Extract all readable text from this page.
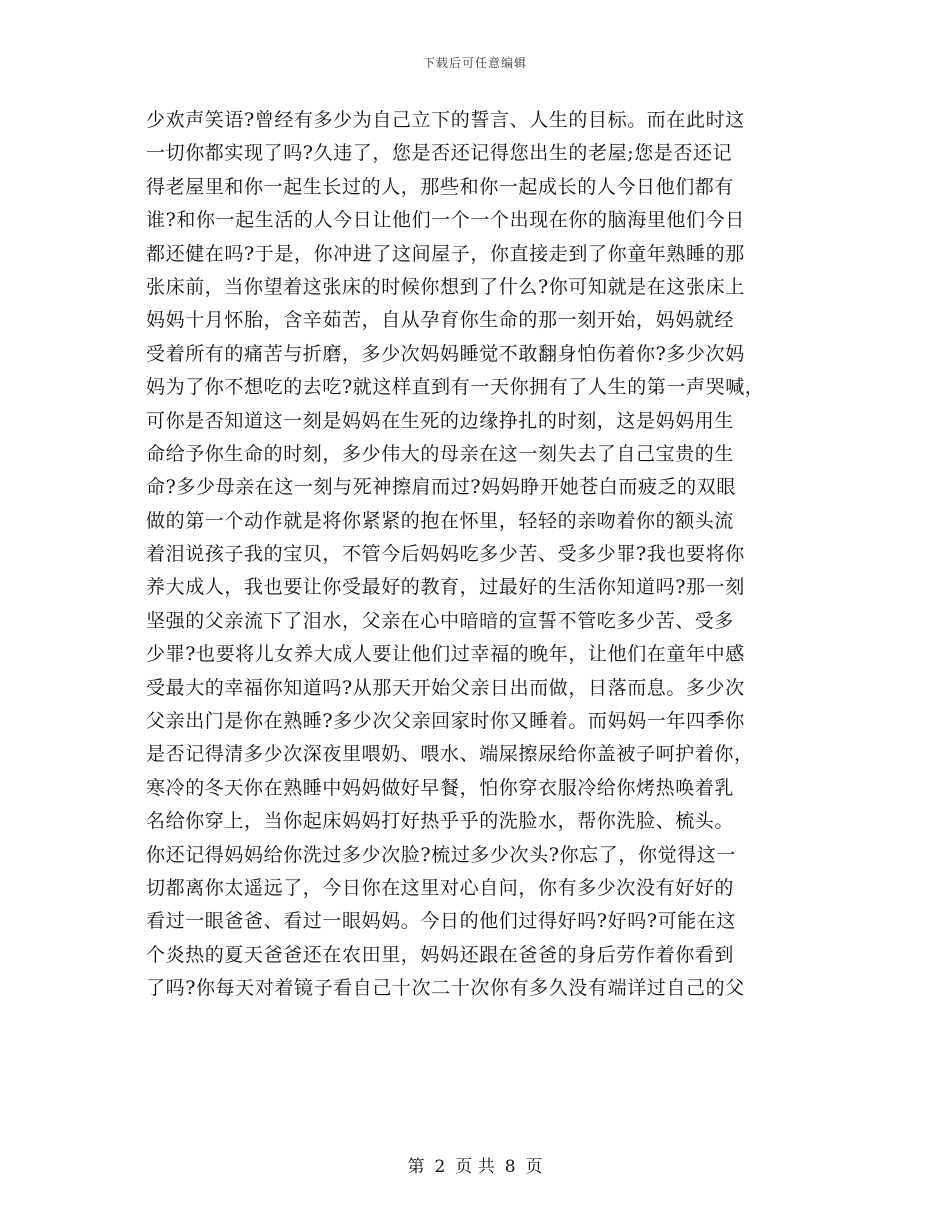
下载后可任意编辑
少欢声笑语?曾经有多少为自己立下的誓言、人生的目标。而在此时这
一切你都实现了吗?久违了，您是否还记得您出生的老屋;您是否还记
得老屋里和你一起生长过的人，那些和你一起成长的人今日他们都有
谁?和你一起生活的人今日让他们一个一个出现在你的脑海里他们今日
都还健在吗?于是，你冲进了这间屋子，你直接走到了你童年熟睡的那
张床前，当你望着这张床的时候你想到了什么?你可知就是在这张床上
妈妈十月怀胎，含辛茹苦，自从孕育你生命的那一刻开始，妈妈就经
受着所有的痛苦与折磨，多少次妈妈睡觉不敢翻身怕伤着你?多少次妈
妈为了你不想吃的去吃?就这样直到有一天你拥有了人生的第一声哭喊，
可你是否知道这一刻是妈妈在生死的边缘挣扎的时刻，这是妈妈用生
命给予你生命的时刻，多少伟大的母亲在这一刻失去了自己宝贵的生
命?多少母亲在这一刻与死神擦肩而过?妈妈睁开她苍白而疲乏的双眼
做的第一个动作就是将你紧紧的抱在怀里，轻轻的亲吻着你的额头流
着泪说孩子我的宝贝，不管今后妈妈吃多少苦、受多少罪?我也要将你
养大成人，我也要让你受最好的教育，过最好的生活你知道吗?那一刻
坚强的父亲流下了泪水，父亲在心中暗暗的宣誓不管吃多少苦、受多
少罪?也要将儿女养大成人要让他们过幸福的晚年，让他们在童年中感
受最大的幸福你知道吗?从那天开始父亲日出而做，日落而息。多少次
父亲出门是你在熟睡?多少次父亲回家时你又睡着。而妈妈一年四季你
是否记得清多少次深夜里喂奶、喂水、端屎擦尿给你盖被子呵护着你，
寒冷的冬天你在熟睡中妈妈做好早餐，怕你穿衣服冷给你烤热唤着乳
名给你穿上，当你起床妈妈打好热乎乎的洗脸水，帮你洗脸、梳头。
你还记得妈妈给你洗过多少次脸?梳过多少次头?你忘了，你觉得这一
切都离你太遥远了，今日你在这里对心自问，你有多少次没有好好的
看过一眼爸爸、看过一眼妈妈。今日的他们过得好吗?好吗?可能在这
个炎热的夏天爸爸还在农田里，妈妈还跟在爸爸的身后劳作着你看到
了吗?你每天对着镜子看自己十次二十次你有多久没有端详过自己的父
第 2 页 共 8 页
